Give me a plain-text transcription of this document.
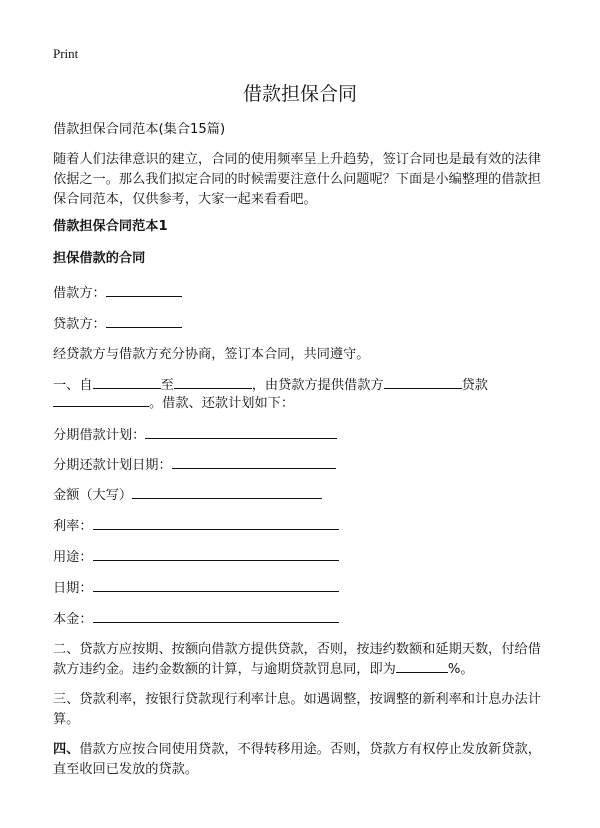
Print
借款担保合同
借款担保合同范本(集合15篇)
随着人们法律意识的建立，合同的使用频率呈上升趋势，签订合同也是最有效的法律依据之一。那么我们拟定合同的时候需要注意什么问题呢？下面是小编整理的借款担保合同范本，仅供参考，大家一起来看看吧。
借款担保合同范本1
担保借款的合同
借款方：
贷款方：
经贷款方与借款方充分协商，签订本合同，共同遵守。
一、自	至	，由贷款方提供借款方	贷款
。借款、还款计划如下：
分期借款计划：
分期还款计划日期：
金额（大写）
利率：
用途：
日期：
本金：
二、贷款方应按期、按额向借款方提供贷款，否则，按违约数额和延期天数，付给借款方违约金。违约金数额的计算，与逾期贷款罚息同，即为	%。
三、贷款利率，按银行贷款现行利率计息。如遇调整，按调整的新利率和计息办法计算。
四、借款方应按合同使用贷款，不得转移用途。否则，贷款方有权停止发放新贷款，直至收回已发放的贷款。
